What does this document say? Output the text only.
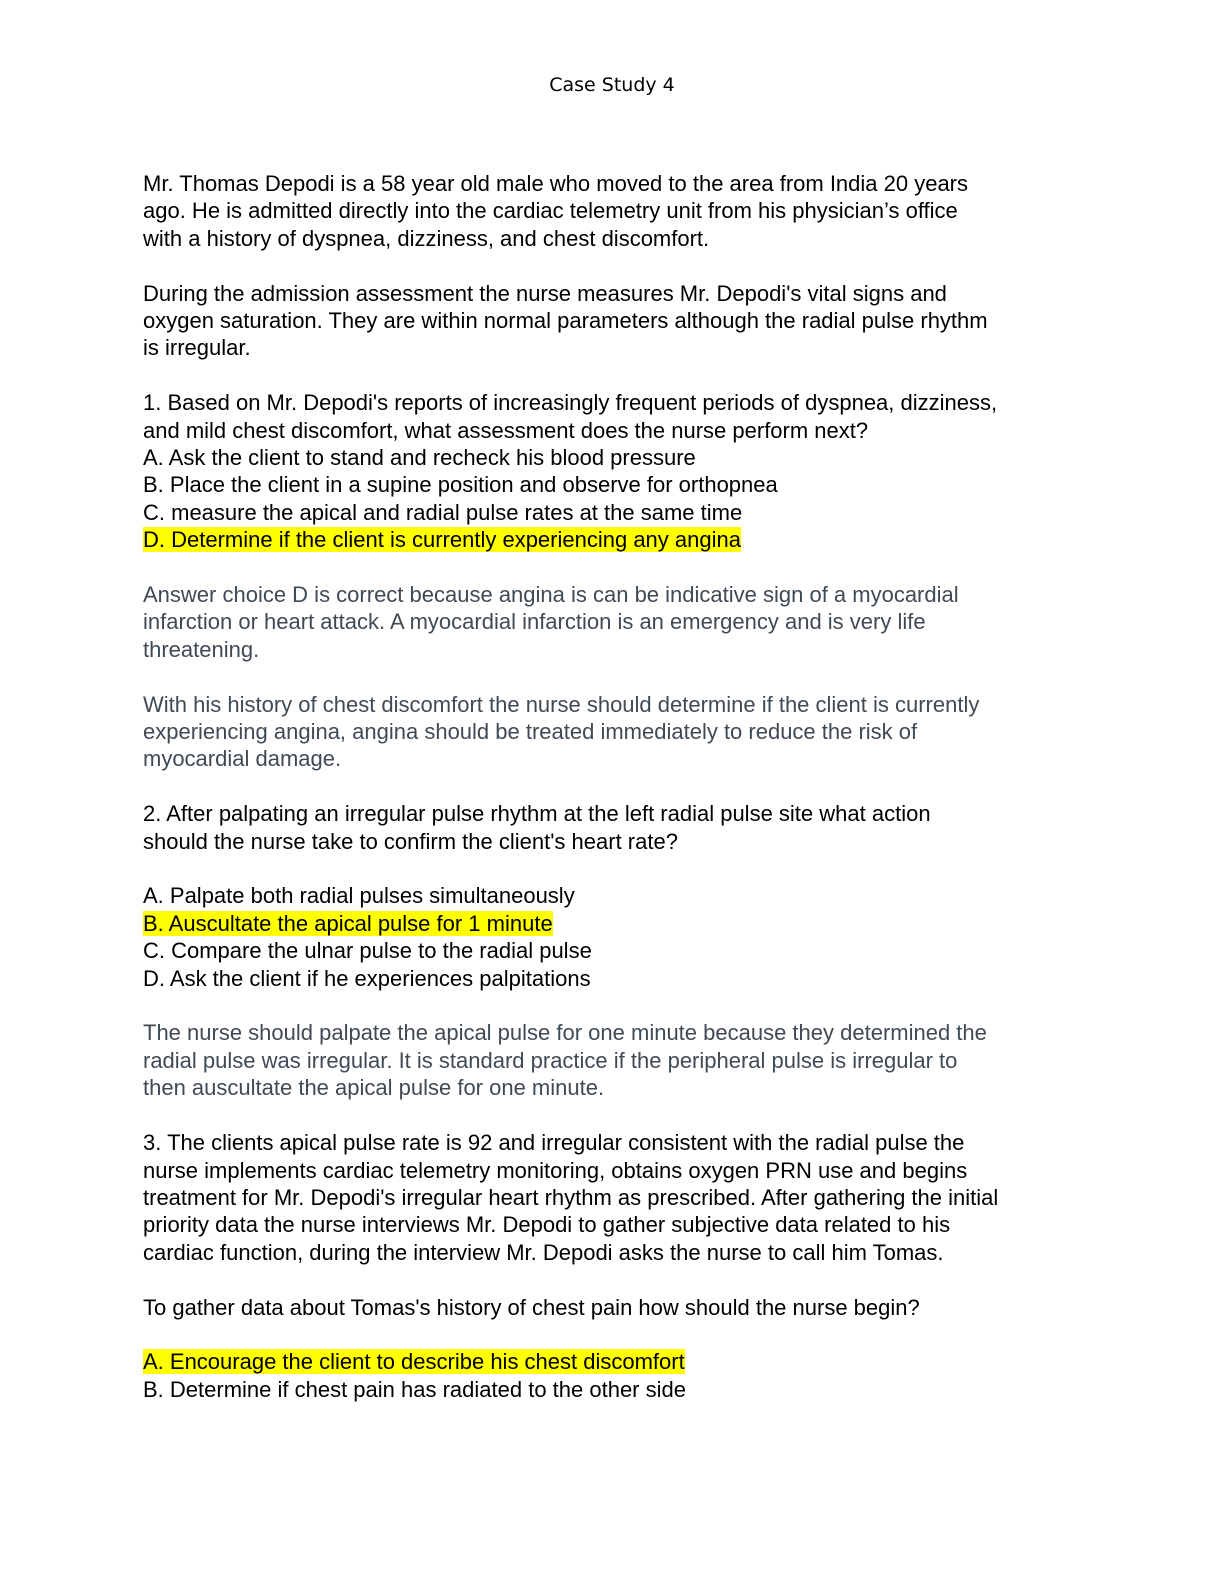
Case Study 4

Mr. Thomas Depodi is a 58 year old male who moved to the area from India 20 years
ago. He is admitted directly into the cardiac telemetry unit from his physician’s office
with a history of dyspnea, dizziness, and chest discomfort.

During the admission assessment the nurse measures Mr. Depodi's vital signs and
oxygen saturation. They are within normal parameters although the radial pulse rhythm
is irregular.

1. Based on Mr. Depodi's reports of increasingly frequent periods of dyspnea, dizziness,
and mild chest discomfort, what assessment does the nurse perform next?
A. Ask the client to stand and recheck his blood pressure
B. Place the client in a supine position and observe for orthopnea
C. measure the apical and radial pulse rates at the same time
D. Determine if the client is currently experiencing any angina

Answer choice D is correct because angina is can be indicative sign of a myocardial
infarction or heart attack. A myocardial infarction is an emergency and is very life
threatening.

With his history of chest discomfort the nurse should determine if the client is currently
experiencing angina, angina should be treated immediately to reduce the risk of
myocardial damage.

2. After palpating an irregular pulse rhythm at the left radial pulse site what action
should the nurse take to confirm the client's heart rate?

A. Palpate both radial pulses simultaneously
B. Auscultate the apical pulse for 1 minute
C. Compare the ulnar pulse to the radial pulse
D. Ask the client if he experiences palpitations

The nurse should palpate the apical pulse for one minute because they determined the
radial pulse was irregular. It is standard practice if the peripheral pulse is irregular to
then auscultate the apical pulse for one minute.

3. The clients apical pulse rate is 92 and irregular consistent with the radial pulse the
nurse implements cardiac telemetry monitoring, obtains oxygen PRN use and begins
treatment for Mr. Depodi's irregular heart rhythm as prescribed. After gathering the initial
priority data the nurse interviews Mr. Depodi to gather subjective data related to his
cardiac function, during the interview Mr. Depodi asks the nurse to call him Tomas.

To gather data about Tomas's history of chest pain how should the nurse begin?

A. Encourage the client to describe his chest discomfort
B. Determine if chest pain has radiated to the other side
